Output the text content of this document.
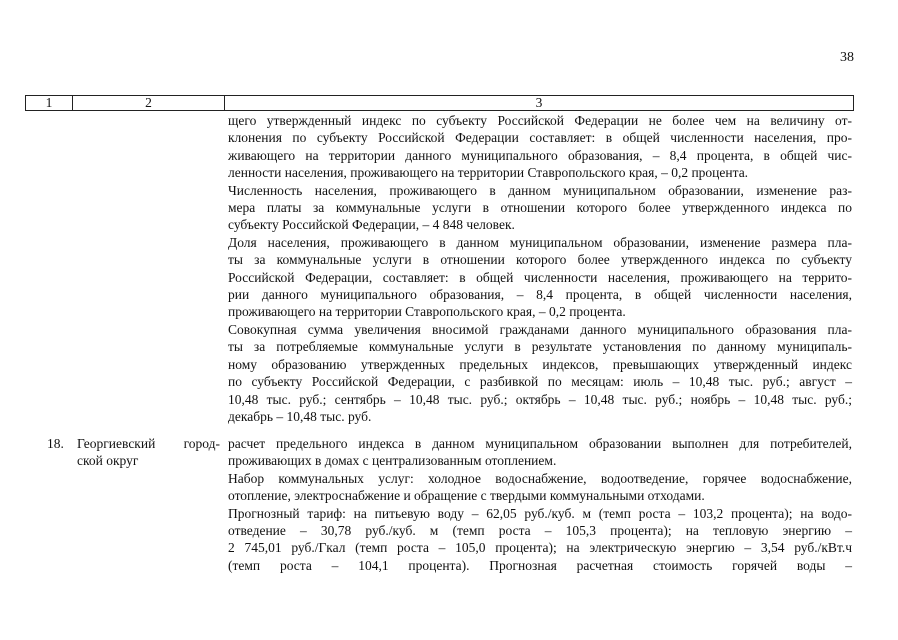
38
1	2	3
щего утвержденный индекс по субъекту Российской Федерации не более чем на величину от-
клонения по субъекту Российской Федерации составляет: в общей численности населения, про-
живающего на территории данного муниципального образования, – 8,4 процента, в общей чис-
ленности населения, проживающего на территории Ставропольского края, – 0,2 процента.
Численность населения, проживающего в данном муниципальном образовании, изменение раз-
мера платы за коммунальные услуги в отношении которого более утвержденного индекса по
субъекту Российской Федерации, – 4 848 человек.
Доля населения, проживающего в данном муниципальном образовании, изменение размера пла-
ты за коммунальные услуги в отношении которого более утвержденного индекса по субъекту
Российской Федерации, составляет: в общей численности населения, проживающего на террито-
рии данного муниципального образования, – 8,4 процента, в общей численности населения,
проживающего на территории Ставропольского края, – 0,2 процента.
Совокупная сумма увеличения вносимой гражданами данного муниципального образования пла-
ты за потребляемые коммунальные услуги в результате установления по данному муниципаль-
ному образованию утвержденных предельных индексов, превышающих утвержденный индекс
по субъекту Российской Федерации, с разбивкой по месяцам: июль – 10,48 тыс. руб.; август –
10,48 тыс. руб.; сентябрь – 10,48 тыс. руб.; октябрь – 10,48 тыс. руб.; ноябрь – 10,48 тыс. руб.;
декабрь – 10,48 тыс. руб.
18. Георгиевский город-
ской округ
расчет предельного индекса в данном муниципальном образовании выполнен для потребителей,
проживающих в домах с централизованным отоплением.
Набор коммунальных услуг: холодное водоснабжение, водоотведение, горячее водоснабжение,
отопление, электроснабжение и обращение с твердыми коммунальными отходами.
Прогнозный тариф: на питьевую воду – 62,05 руб./куб. м (темп роста – 103,2 процента); на водо-
отведение – 30,78 руб./куб. м (темп роста – 105,3 процента); на тепловую энергию –
2 745,01 руб./Гкал (темп роста – 105,0 процента); на электрическую энергию – 3,54 руб./кВт.ч
(темп роста – 104,1 процента). Прогнозная расчетная стоимость горячей воды –
